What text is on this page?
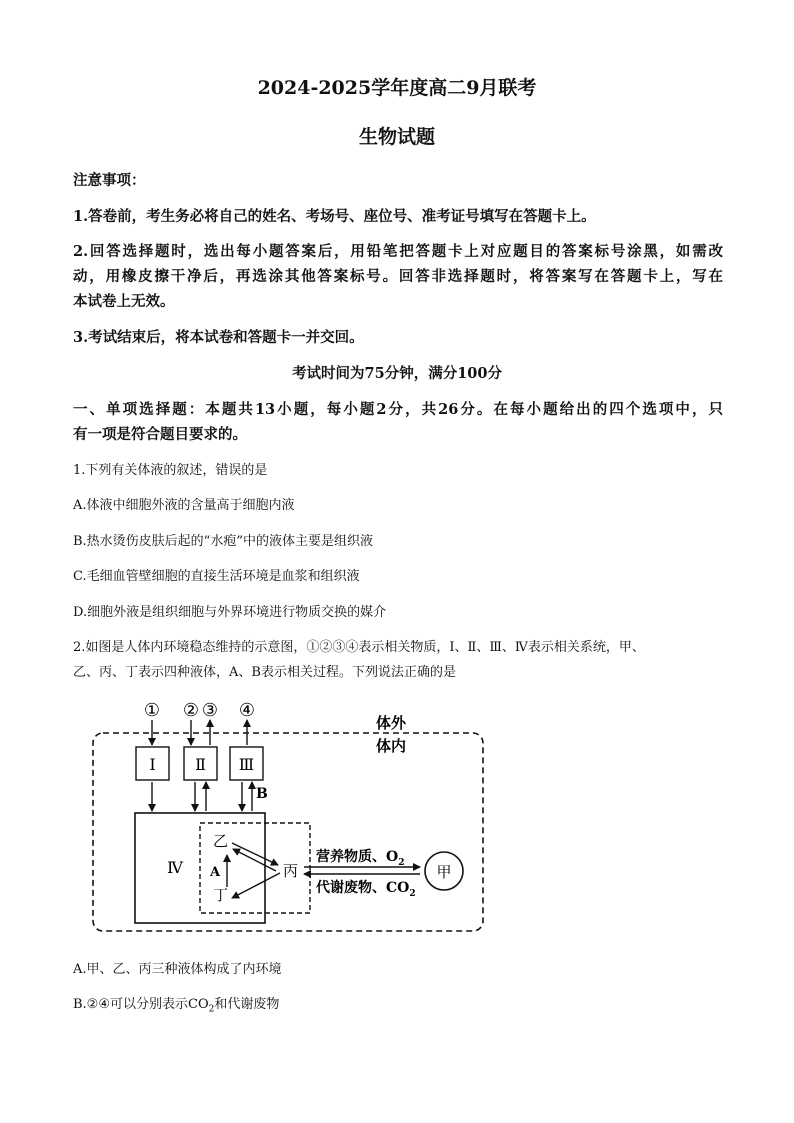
2024-2025学年度高二9月联考
生物试题
注意事项：
1.答卷前，考生务必将自己的姓名、考场号、座位号、准考证号填写在答题卡上。
2.回答选择题时，选出每小题答案后，用铅笔把答题卡上对应题目的答案标号涂黑，如需改
动，用橡皮擦干净后，再选涂其他答案标号。回答非选择题时，将答案写在答题卡上，写在
本试卷上无效。
3.考试结束后，将本试卷和答题卡一并交回。
考试时间为75分钟，满分100分
一、单项选择题：本题共13小题，每小题2分，共26分。在每小题给出的四个选项中，只
有一项是符合题目要求的。
1.下列有关体液的叙述，错误的是
A.体液中细胞外液的含量高于细胞内液
B.热水烫伤皮肤后起的“水疱”中的液体主要是组织液
C.毛细血管壁细胞的直接生活环境是血浆和组织液
D.细胞外液是组织细胞与外界环境进行物质交换的媒介
2.如图是人体内环境稳态维持的示意图，①②③④表示相关物质，Ⅰ、Ⅱ、Ⅲ、Ⅳ表示相关系统，甲、
乙、丙、丁表示四种液体，A、B表示相关过程。下列说法正确的是
① ② ③ ④
体外
体内
Ⅰ Ⅱ Ⅲ
B
Ⅳ
乙
丁
A	丙
营养物质、$O_2$
代谢废物、$CO_2$
甲
A.甲、乙、丙三种液体构成了内环境
B.②④可以分别表示$CO_2$和代谢废物
